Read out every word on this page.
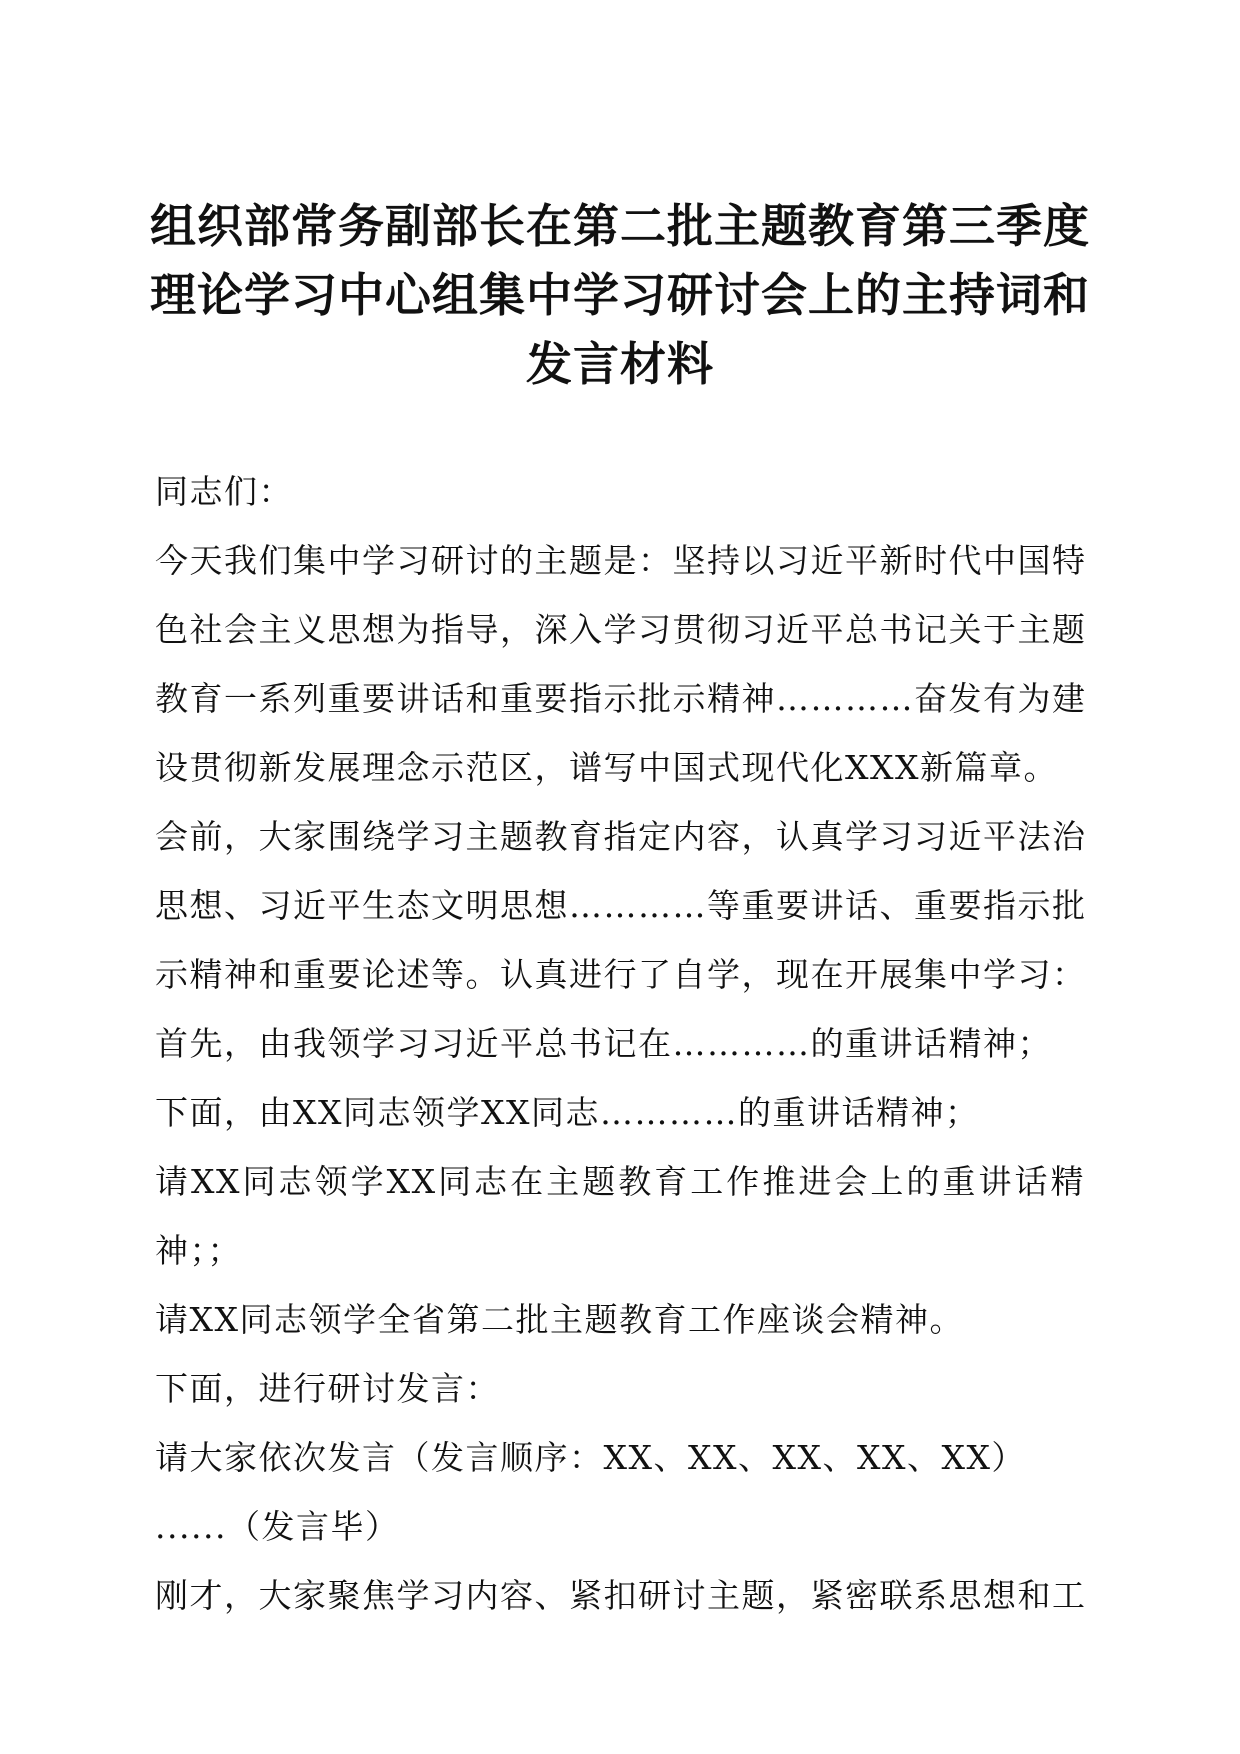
组织部常务副部长在第二批主题教育第三季度
理论学习中心组集中学习研讨会上的主持词和
发言材料
同志们：
今天我们集中学习研讨的主题是：坚持以习近平新时代中国特
色社会主义思想为指导，深入学习贯彻习近平总书记关于主题
教育一系列重要讲话和重要指示批示精神…………奋发有为建
设贯彻新发展理念示范区，谱写中国式现代化XXX新篇章。
会前，大家围绕学习主题教育指定内容，认真学习习近平法治
思想、习近平生态文明思想…………等重要讲话、重要指示批
示精神和重要论述等。认真进行了自学，现在开展集中学习：
首先，由我领学习习近平总书记在…………的重讲话精神；
下面，由XX同志领学XX同志…………的重讲话精神；
请XX同志领学XX同志在主题教育工作推进会上的重讲话精
神；；
请XX同志领学全省第二批主题教育工作座谈会精神。
下面，进行研讨发言：
请大家依次发言（发言顺序：XX、XX、XX、XX、XX）
......（发言毕）
刚才，大家聚焦学习内容、紧扣研讨主题，紧密联系思想和工
